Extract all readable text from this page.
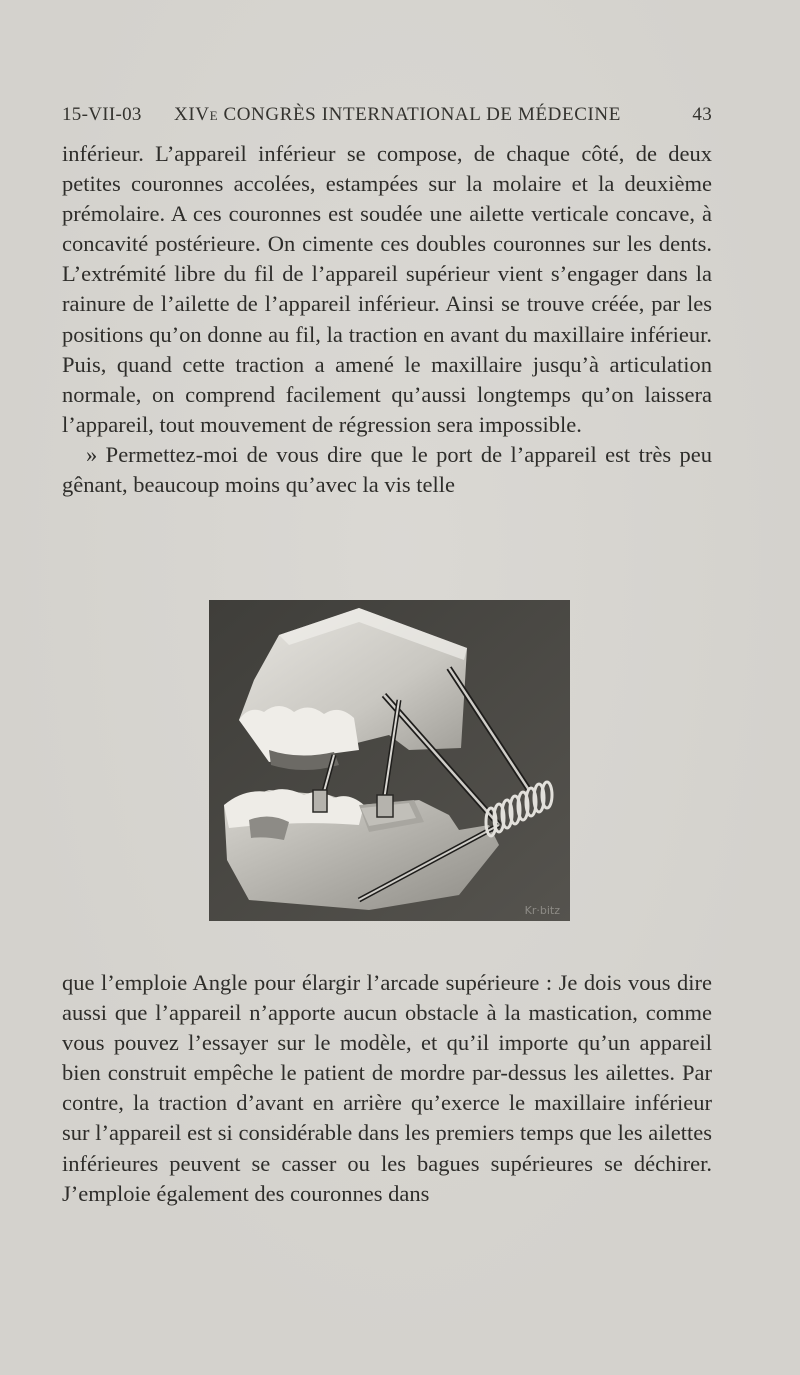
15-VII-03 XIVe CONGRÈS INTERNATIONAL DE MÉDECINE	43

inférieur. L’appareil inférieur se compose, de chaque côté, de deux petites couronnes accolées, estampées sur la molaire et la deuxième prémolaire. A ces couronnes est soudée une ailette verticale concave, à concavité postérieure. On cimente ces doubles couronnes sur les dents. L’extrémité libre du fil de l’appareil supérieur vient s’engager dans la rainure de l’ailette de l’appareil inférieur. Ainsi se trouve créée, par les positions qu’on donne au fil, la traction en avant du maxillaire inférieur. Puis, quand cette traction a amené le maxillaire jusqu’à articulation normale, on comprend facilement qu’aussi longtemps qu’on laissera l’appareil, tout mouvement de régression sera impossible.

» Permettez-moi de vous dire que le port de l’appareil est très peu gênant, beaucoup moins qu’avec la vis telle

Kr·bitz

que l’emploie Angle pour élargir l’arcade supérieure : Je dois vous dire aussi que l’appareil n’apporte aucun obstacle à la mastication, comme vous pouvez l’essayer sur le modèle, et qu’il importe qu’un appareil bien construit empêche le patient de mordre par-dessus les ailettes. Par contre, la traction d’avant en arrière qu’exerce le maxillaire inférieur sur l’appareil est si considérable dans les premiers temps que les ailettes inférieures peuvent se casser ou les bagues supérieures se déchirer. J’emploie également des couronnes dans
